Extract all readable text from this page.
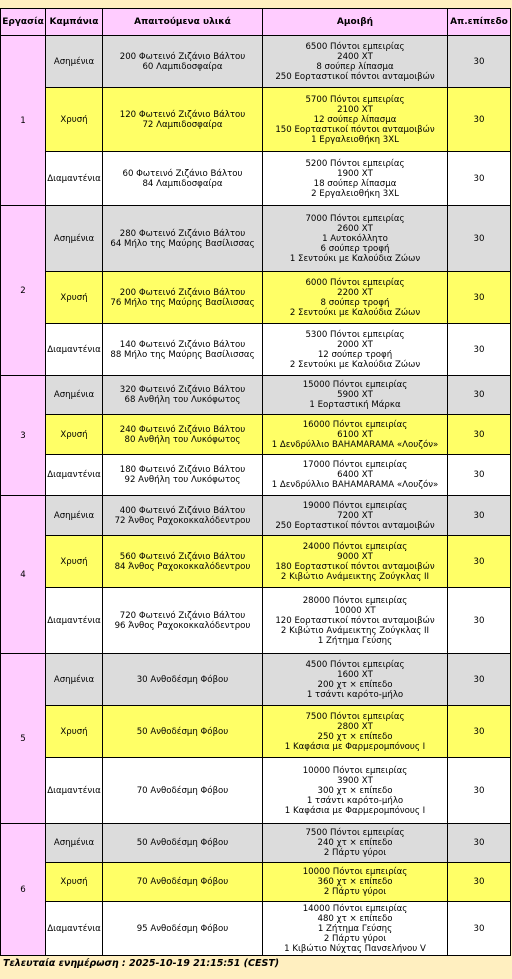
Εργασία	Καμπάνια	Απαιτούμενα υλικά	Αμοιβή	Απ.επίπεδο
1	Ασημένια	200 Φωτεινό Ζιζάνιο Βάλτου
60 Λαμπιδοσφαίρα	6500 Πόντοι εμπειρίας
2400 ΧΤ
8 σούπερ λίπασμα
250 Εορταστικοί πόντοι ανταμοιβών	30
	Χρυσή	120 Φωτεινό Ζιζάνιο Βάλτου
72 Λαμπιδοσφαίρα	5700 Πόντοι εμπειρίας
2100 ΧΤ
12 σούπερ λίπασμα
150 Εορταστικοί πόντοι ανταμοιβών
1 Εργαλειοθήκη 3XL	30
	Διαμαντένια	60 Φωτεινό Ζιζάνιο Βάλτου
84 Λαμπιδοσφαίρα	5200 Πόντοι εμπειρίας
1900 ΧΤ
18 σούπερ λίπασμα
2 Εργαλειοθήκη 3XL	30
2	Ασημένια	280 Φωτεινό Ζιζάνιο Βάλτου
64 Μήλο της Μαύρης Βασίλισσας	7000 Πόντοι εμπειρίας
2600 ΧΤ
1 Αυτοκόλλητο
6 σούπερ τροφή
1 Σεντούκι με Καλούδια Ζώων	30
	Χρυσή	200 Φωτεινό Ζιζάνιο Βάλτου
76 Μήλο της Μαύρης Βασίλισσας	6000 Πόντοι εμπειρίας
2200 ΧΤ
8 σούπερ τροφή
2 Σεντούκι με Καλούδια Ζώων	30
	Διαμαντένια	140 Φωτεινό Ζιζάνιο Βάλτου
88 Μήλο της Μαύρης Βασίλισσας	5300 Πόντοι εμπειρίας
2000 ΧΤ
12 σούπερ τροφή
2 Σεντούκι με Καλούδια Ζώων	30
3	Ασημένια	320 Φωτεινό Ζιζάνιο Βάλτου
68 Ανθήλη του Λυκόφωτος	15000 Πόντοι εμπειρίας
5900 ΧΤ
1 Εορταστική Μάρκα	30
	Χρυσή	240 Φωτεινό Ζιζάνιο Βάλτου
80 Ανθήλη του Λυκόφωτος	16000 Πόντοι εμπειρίας
6100 ΧΤ
1 Δενδρύλλιο BAHAMARAMA «Λουζόν»	30
	Διαμαντένια	180 Φωτεινό Ζιζάνιο Βάλτου
92 Ανθήλη του Λυκόφωτος	17000 Πόντοι εμπειρίας
6400 ΧΤ
1 Δενδρύλλιο BAHAMARAMA «Λουζόν»	30
4	Ασημένια	400 Φωτεινό Ζιζάνιο Βάλτου
72 Άνθος Ραχοκοκκαλόδεντρου	19000 Πόντοι εμπειρίας
7200 ΧΤ
250 Εορταστικοί πόντοι ανταμοιβών	30
	Χρυσή	560 Φωτεινό Ζιζάνιο Βάλτου
84 Άνθος Ραχοκοκκαλόδεντρου	24000 Πόντοι εμπειρίας
9000 ΧΤ
180 Εορταστικοί πόντοι ανταμοιβών
2 Κιβώτιο Ανάμεικτης Ζούγκλας II	30
	Διαμαντένια	720 Φωτεινό Ζιζάνιο Βάλτου
96 Άνθος Ραχοκοκκαλόδεντρου	28000 Πόντοι εμπειρίας
10000 ΧΤ
120 Εορταστικοί πόντοι ανταμοιβών
2 Κιβώτιο Ανάμεικτης Ζούγκλας II
1 Ζήτημα Γεύσης	30
5	Ασημένια	30 Ανθοδέσμη Φόβου	4500 Πόντοι εμπειρίας
1600 ΧΤ
200 χτ × επίπεδο
1 τσάντι καρότο-μήλο	30
	Χρυσή	50 Ανθοδέσμη Φόβου	7500 Πόντοι εμπειρίας
2800 ΧΤ
250 χτ × επίπεδο
1 Καφάσια με Φαρμερομπόνους Ι	30
	Διαμαντένια	70 Ανθοδέσμη Φόβου	10000 Πόντοι εμπειρίας
3900 ΧΤ
300 χτ × επίπεδο
1 τσάντι καρότο-μήλο
1 Καφάσια με Φαρμερομπόνους Ι	30
6	Ασημένια	50 Ανθοδέσμη Φόβου	7500 Πόντοι εμπειρίας
240 χτ × επίπεδο
2 Πάρτυ γύροι	30
	Χρυσή	70 Ανθοδέσμη Φόβου	10000 Πόντοι εμπειρίας
360 χτ × επίπεδο
2 Πάρτυ γύροι	30
	Διαμαντένια	95 Ανθοδέσμη Φόβου	14000 Πόντοι εμπειρίας
480 χτ × επίπεδο
1 Ζήτημα Γεύσης
2 Πάρτυ γύροι
1 Κιβώτιο Νύχτας Πανσελήνου V	30
Τελευταία ενημέρωση : 2025-10-19 21:15:51 (CEST)
